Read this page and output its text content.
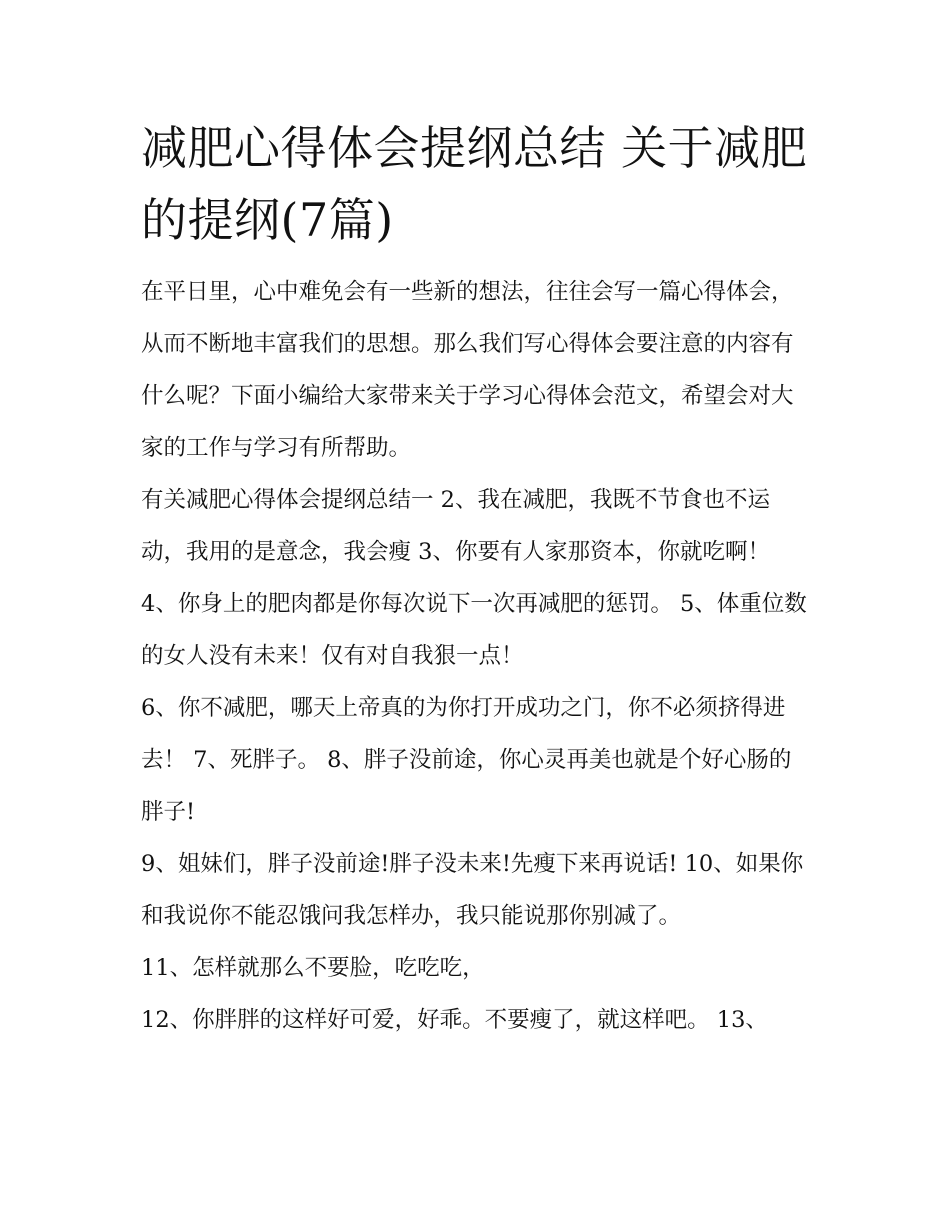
减肥心得体会提纲总结 关于减肥的提纲(7篇)

在平日里，心中难免会有一些新的想法，往往会写一篇心得体会，从而不断地丰富我们的思想。那么我们写心得体会要注意的内容有什么呢？下面小编给大家带来关于学习心得体会范文，希望会对大家的工作与学习有所帮助。

有关减肥心得体会提纲总结一 2、我在减肥，我既不节食也不运动，我用的是意念，我会瘦 3、你要有人家那资本，你就吃啊！

4、你身上的肥肉都是你每次说下一次再减肥的惩罚。 5、体重位数的女人没有未来！仅有对自我狠一点！

6、你不减肥，哪天上帝真的为你打开成功之门，你不必须挤得进去！ 7、死胖子。 8、胖子没前途，你心灵再美也就是个好心肠的胖子!

9、姐妹们，胖子没前途!胖子没未来!先瘦下来再说话! 10、如果你和我说你不能忍饿问我怎样办，我只能说那你别减了。

11、怎样就那么不要脸，吃吃吃，

12、你胖胖的这样好可爱，好乖。不要瘦了，就这样吧。 13、
